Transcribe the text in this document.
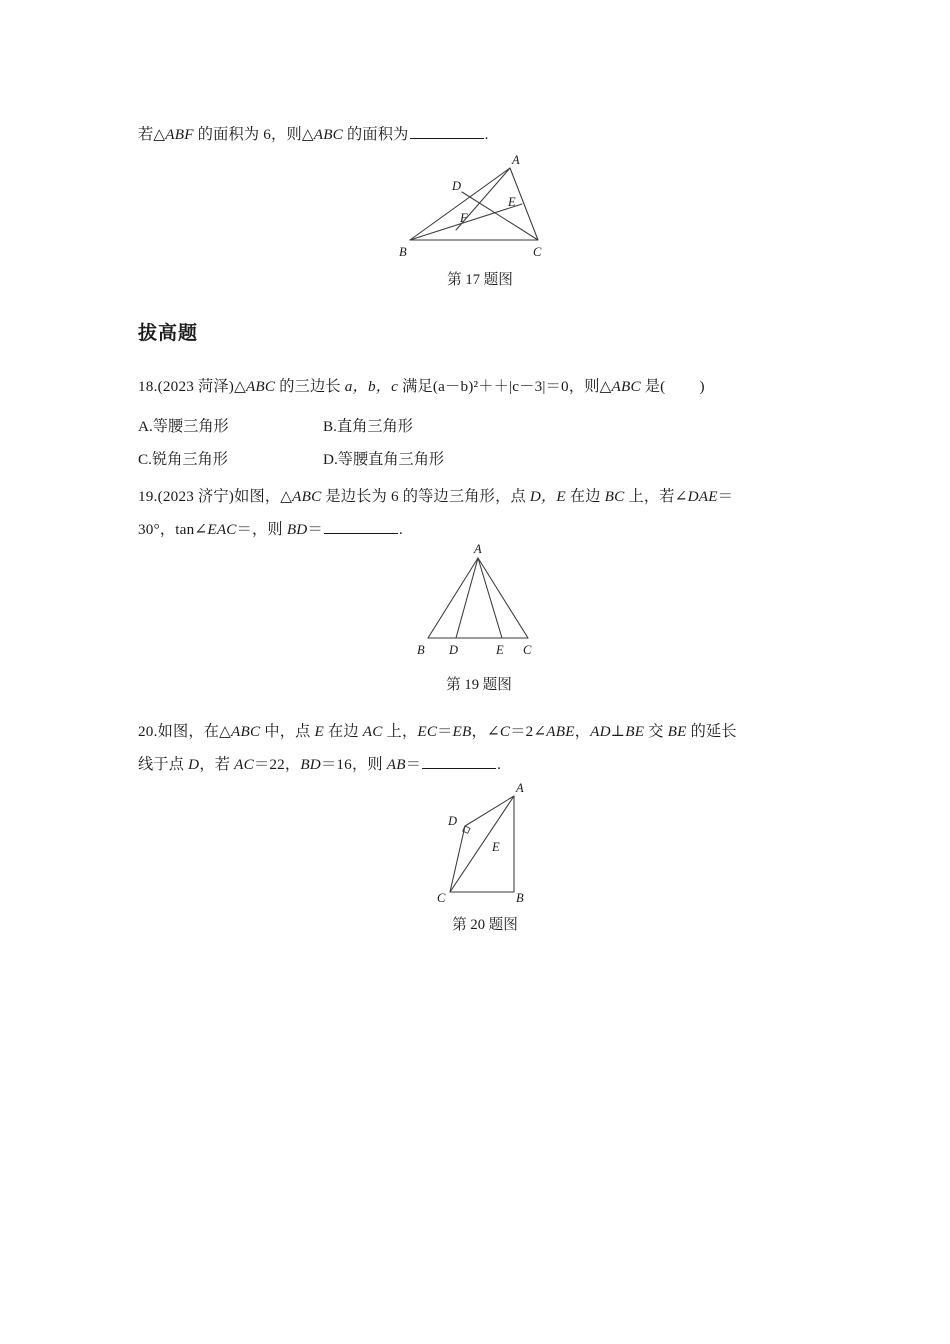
若△ABF 的面积为 6，则△ABC 的面积为	.
A
B	C
D
E
F
第 17 题图
拔高题
18.(2023 菏泽)△ABC 的三边长 a，b，c 满足(a－b)²＋＋|c－3|＝0，则△ABC 是( )
A.等腰三角形	B.直角三角形
C.锐角三角形	D.等腰直角三角形
19.(2023 济宁)如图，△ABC 是边长为 6 的等边三角形，点 D，E 在边 BC 上，若∠DAE＝
30°，tan∠EAC＝，则 BD＝	.
A
B D	E C
第 19 题图
20.如图，在△ABC 中，点 E 在边 AC 上，EC＝EB，∠C＝2∠ABE，AD⊥BE 交 BE 的延长
线于点 D，若 AC＝22，BD＝16，则 AB＝	.
A
D
E
C	B
第 20 题图
